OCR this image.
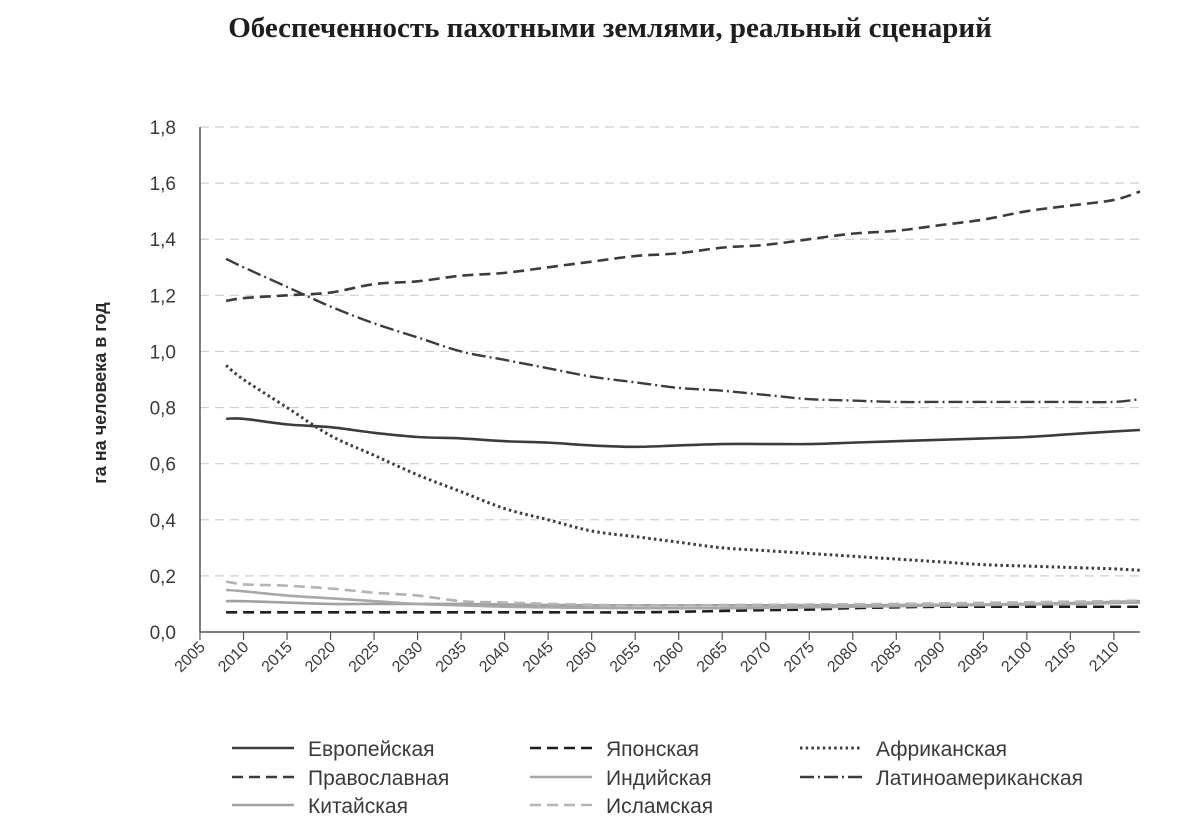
Обеспеченность пахотными землями, реальный сценарий
0,0
0,2
0,4
0,6
0,8
1,0
1,2
1,4
1,6
1,8
2005 2010 2015 2020 2025 2030 2035 2040 2045 2050 2055 2060 2065 2070 2075 2080 2085 2090 2095 2100 2105 2110
га на человека в год
Европейская
Православная
Китайская
Японская
Индийская
Исламская
Африканская
Латиноамериканская
